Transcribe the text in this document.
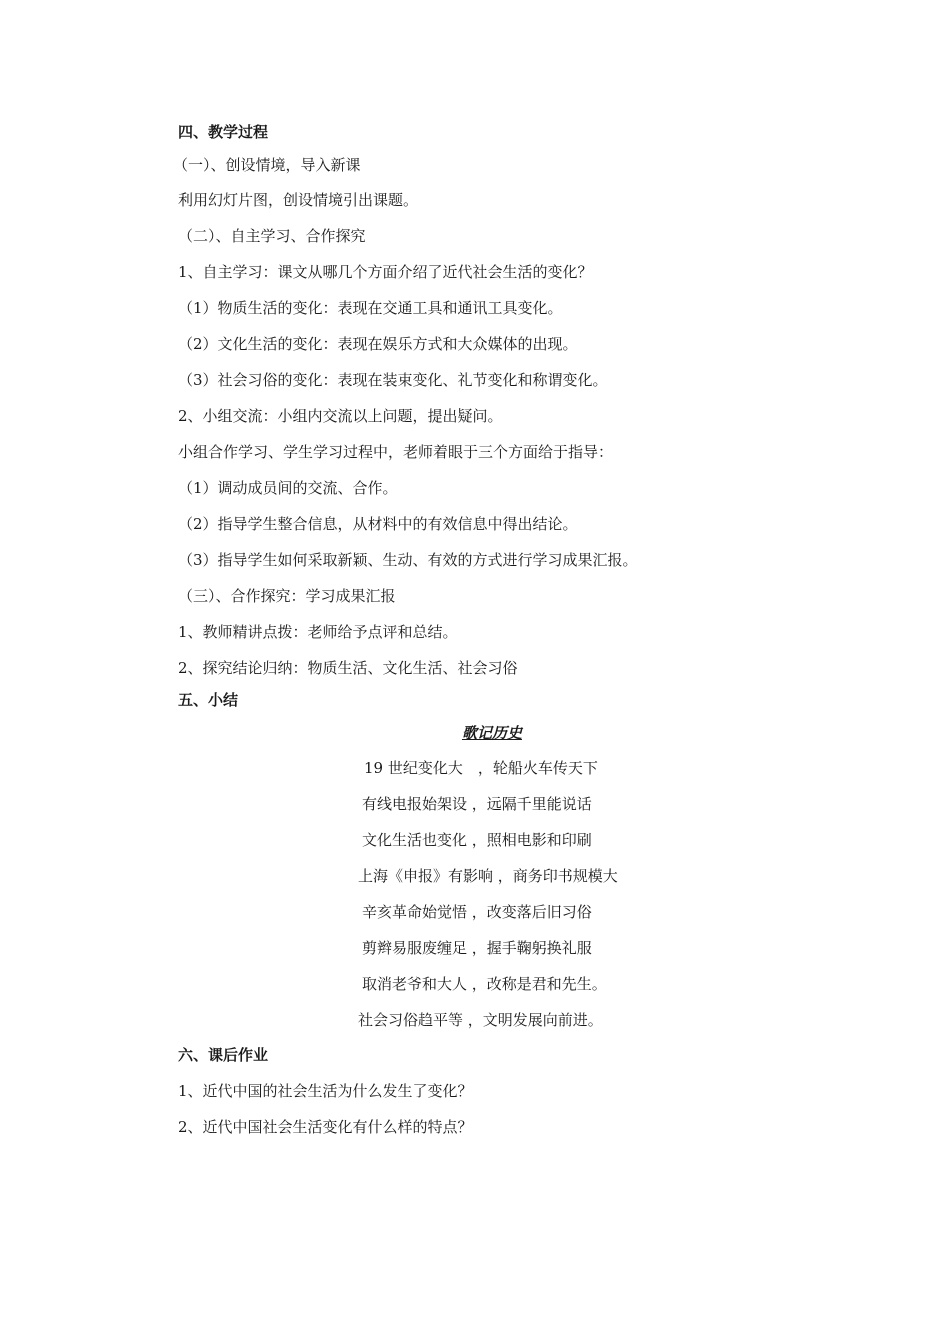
四、教学过程
（一）、创设情境，导入新课
利用幻灯片图，创设情境引出课题。
（二）、自主学习、合作探究
1、自主学习：课文从哪几个方面介绍了近代社会生活的变化？
（1）物质生活的变化：表现在交通工具和通讯工具变化。
（2）文化生活的变化：表现在娱乐方式和大众媒体的出现。
（3）社会习俗的变化：表现在装束变化、礼节变化和称谓变化。
2、小组交流：小组内交流以上问题，提出疑问。
小组合作学习、学生学习过程中，老师着眼于三个方面给于指导：
（1）调动成员间的交流、合作。
（2）指导学生整合信息，从材料中的有效信息中得出结论。
（3）指导学生如何采取新颖、生动、有效的方式进行学习成果汇报。
（三）、合作探究：学习成果汇报
1、教师精讲点拨：老师给予点评和总结。
2、探究结论归纳：物质生活、文化生活、社会习俗
五、小结
歌记历史
19 世纪变化大　，轮船火车传天下
有线电报始架设 ，远隔千里能说话
文化生活也变化 ，照相电影和印刷
上海《申报》有影响 ，商务印书规模大
辛亥革命始觉悟 ，改变落后旧习俗
剪辫易服废缠足 ，握手鞠躬换礼服
取消老爷和大人 ，改称是君和先生。
社会习俗趋平等 ，文明发展向前进。
六、课后作业
1、近代中国的社会生活为什么发生了变化？
2、近代中国社会生活变化有什么样的特点？
